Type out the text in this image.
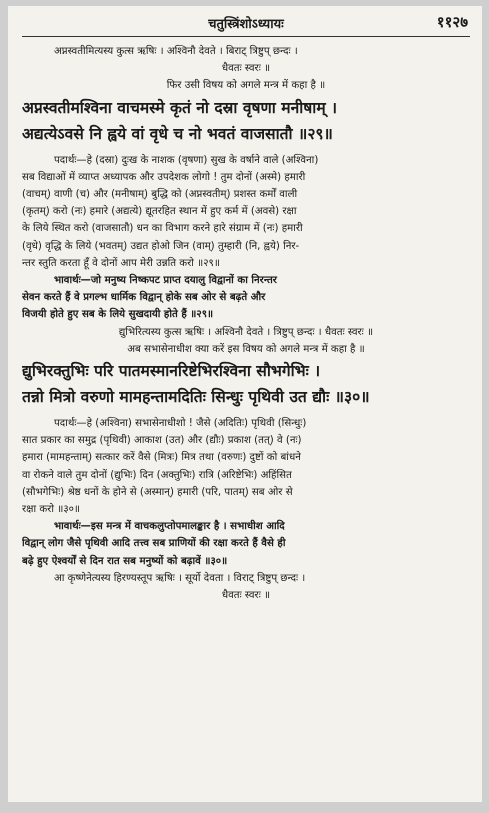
चतुस्त्रिंशोऽध्यायः	११२७
अप्नस्वतीमित्यस्य कुत्स ऋषिः । अश्विनौ देवते । बिराट् त्रिष्टुप् छन्दः ।
धैवतः स्वरः ॥
फिर उसी विषय को अगले मन्त्र में कहा है ॥
अप्नस्वतीमश्विना वाचमस्मे कृतं नो दस्रा वृषणा मनीषाम् ।
अद्यत्येऽवसे नि ह्वये वां वृधे च नो भवतं वाजसातौ ॥२९॥
पदार्थः—हे (दस्रा) दुःख के नाशक (वृषणा) सुख के वर्षाने वाले (अश्विना)
सब विद्याओं में व्याप्त अध्यापक और उपदेशक लोगो ! तुम दोनों (अस्मे) हमारी
(वाचम्) वाणी (च) और (मनीषाम्) बुद्धि को (अप्नस्वतीम्) प्रशस्त कर्मों वाली
(कृतम्) करो (नः) हमारे (अद्यत्ये) द्यूतरहित स्थान में हुए कर्म में (अवसे) रक्षा
के लिये स्थित करो (वाजसातौ) धन का विभाग करने हारे संग्राम में (नः) हमारी
(वृधे) वृद्धि के लिये (भवतम्) उद्यत होओ जिन (वाम्) तुम्हारी (नि, ह्वये) निर-
न्तर स्तुति करता हूँ वे दोनों आप मेरी उन्नति करो ॥२९॥
भावार्थः—जो मनुष्य निष्कपट प्राप्त दयालु विद्वानों का निरन्तर
सेवन करते हैं वे प्रगल्भ धार्मिक विद्वान् होके सब ओर से बढ़ते और
विजयी होते हुए सब के लिये सुखदायी होते हैं ॥२९॥
द्युभिरित्यस्य कुत्स ऋषिः । अश्विनौ देवते । त्रिष्टुप् छन्दः । धैवतः स्वरः ॥
अब सभासेनाधीश क्या करें इस विषय को अगले मन्त्र में कहा है ॥
द्युभिरक्तुभिः परि पातमस्मानरिष्टेभिरश्विना सौभगेभिः ।
तन्नो मित्रो वरुणो मामहन्तामदितिः सिन्धुः पृथिवी उत द्यौः ॥३०॥
पदार्थः—हे (अश्विना) सभासेनाधीशो ! जैसे (अदितिः) पृथिवी (सिन्धुः)
सात प्रकार का समुद्र (पृथिवी) आकाश (उत) और (द्यौः) प्रकाश (तत्) वे (नः)
हमारा (मामहन्ताम्) सत्कार करें वैसे (मित्रः) मित्र तथा (वरुणः) दुष्टों को बांधने
वा रोकने वाले तुम दोनों (द्युभिः) दिन (अक्तुभिः) रात्रि (अरिष्टेभिः) अहिंसित
(सौभगेभिः) श्रेष्ठ धनों के होने से (अस्मान्) हमारी (परि, पातम्) सब ओर से
रक्षा करो ॥३०॥
भावार्थः—इस मन्त्र में वाचकलुप्तोपमालङ्कार है । सभाधीश आदि
विद्वान् लोग जैसे पृथिवी आदि तत्त्व सब प्राणियों की रक्षा करते हैं वैसे ही
बढ़े हुए ऐश्वर्यों से दिन रात सब मनुष्यों को बढ़ावें ॥३०॥
आ कृष्णेनेत्यस्य हिरण्यस्तूप ऋषिः । सूर्यो देवता । विराट् त्रिष्टुप् छन्दः ।
धैवतः स्वरः ॥
